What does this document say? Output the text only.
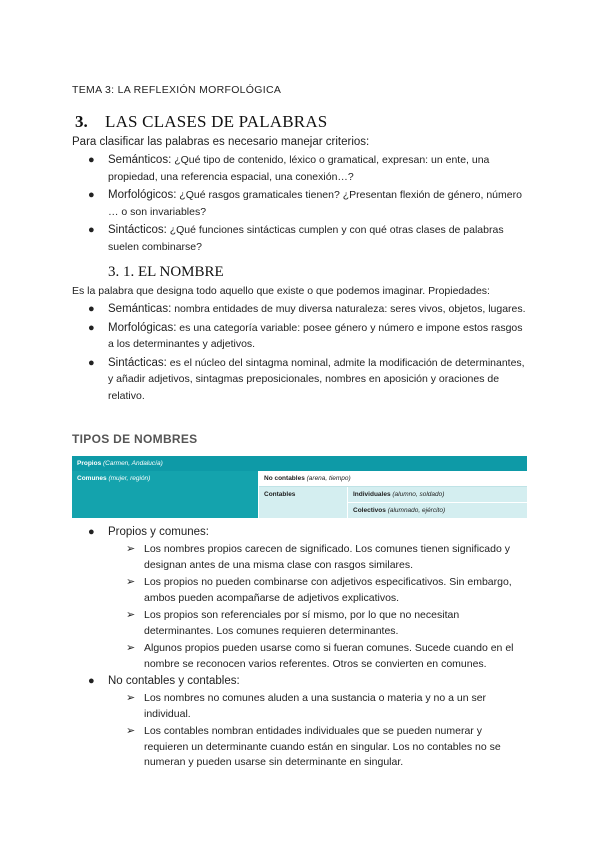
TEMA 3: LA REFLEXIÓN MORFOLÓGICA
3. LAS CLASES DE PALABRAS
Para clasificar las palabras es necesario manejar criterios:
● Semánticos: ¿Qué tipo de contenido, léxico o gramatical, expresan: un ente, una propiedad, una referencia espacial, una conexión…?
● Morfológicos: ¿Qué rasgos gramaticales tienen? ¿Presentan flexión de género, número … o son invariables?
● Sintácticos: ¿Qué funciones sintácticas cumplen y con qué otras clases de palabras suelen combinarse?
3. 1. EL NOMBRE
Es la palabra que designa todo aquello que existe o que podemos imaginar. Propiedades:
● Semánticas: nombra entidades de muy diversa naturaleza: seres vivos, objetos, lugares.
● Morfológicas: es una categoría variable: posee género y número e impone estos rasgos a los determinantes y adjetivos.
● Sintácticas: es el núcleo del sintagma nominal, admite la modificación de determinantes, y añadir adjetivos, sintagmas preposicionales, nombres en aposición y oraciones de relativo.
TIPOS DE NOMBRES
Propios (Carmen, Andalucía)
Comunes (mujer, región)	No contables (arena, tiempo)
Contables	Individuales (alumno, soldado)
Colectivos (alumnado, ejército)
● Propios y comunes:
➢ Los nombres propios carecen de significado. Los comunes tienen significado y designan antes de una misma clase con rasgos similares.
➢ Los propios no pueden combinarse con adjetivos especificativos. Sin embargo, ambos pueden acompañarse de adjetivos explicativos.
➢ Los propios son referenciales por sí mismo, por lo que no necesitan determinantes. Los comunes requieren determinantes.
➢ Algunos propios pueden usarse como si fueran comunes. Sucede cuando en el nombre se reconocen varios referentes. Otros se convierten en comunes.
● No contables y contables:
➢ Los nombres no comunes aluden a una sustancia o materia y no a un ser individual.
➢ Los contables nombran entidades individuales que se pueden numerar y requieren un determinante cuando están en singular. Los no contables no se numeran y pueden usarse sin determinante en singular.
